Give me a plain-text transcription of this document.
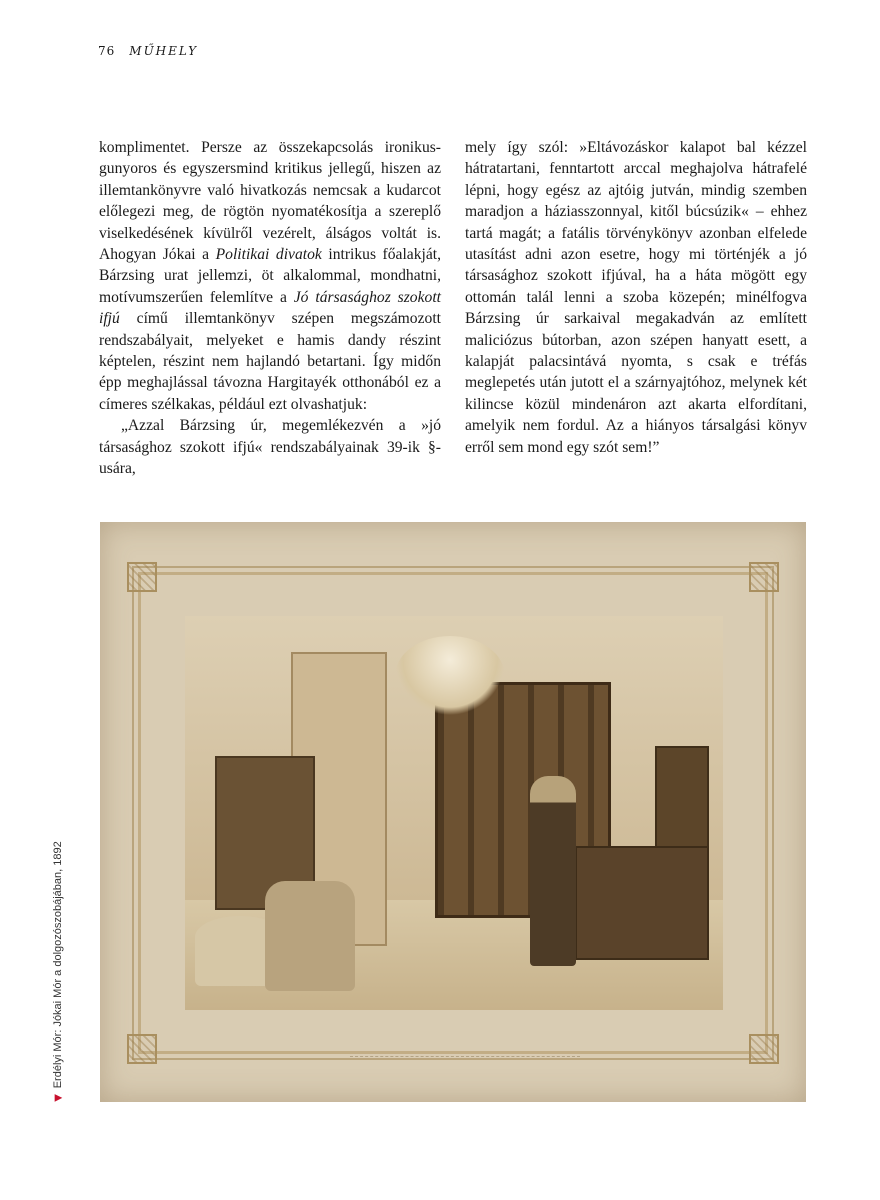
76 MŰHELY

komplimentet. Persze az összekapcsolás ironikus-gunyoros és egyszersmind kritikus jellegű, hiszen az illemtankönyvre való hivatkozás nemcsak a kudarcot előlegezi meg, de rögtön nyomatékosítja a szereplő viselkedésének kívülről vezérelt, álságos voltát is. Ahogyan Jókai a Politikai divatok intrikus főalakját, Bárzsing urat jellemzi, öt alkalommal, mondhatni, motívumszerűen felemlítve a Jó társasághoz szokott ifjú című illemtankönyv szépen megszámozott rendszabályait, melyeket e hamis dandy részint képtelen, részint nem hajlandó betartani. Így midőn épp meghajlással távozna Hargitayék otthonából ez a címeres szélkakas, például ezt olvashatjuk:

„Azzal Bárzsing úr, megemlékezvén a »jó társasághoz szokott ifjú« rendszabályainak 39-ik §-usára,

mely így szól: »Eltávozáskor kalapot bal kézzel hátratartani, fenntartott arccal meghajolva hátrafelé lépni, hogy egész az ajtóig jutván, mindig szemben maradjon a háziasszonnyal, kitől búcsúzik« – ehhez tartá magát; a fatális törvénykönyv azonban elfelede utasítást adni azon esetre, hogy mi történjék a jó társasághoz szokott ifjúval, ha a háta mögött egy ottomán talál lenni a szoba közepén; minélfogva Bárzsing úr sarkaival megakadván az említett maliciózus bútorban, azon szépen hanyatt esett, a kalapját palacsintává nyomta, s csak e tréfás meglepetés után jutott el a szárnyajtóhoz, melynek két kilincse közül mindenáron azt akarta elfordítani, amelyik nem fordul. Az a hiányos társalgási könyv erről sem mond egy szót sem!”

▶
Erdélyi Mór: Jókai Mór a dolgozószobájában, 1892
